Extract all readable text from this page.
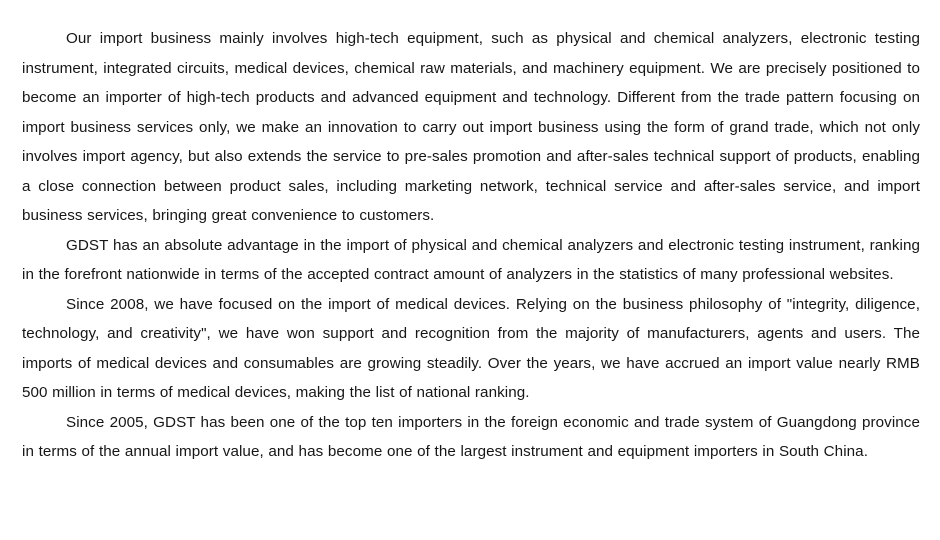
Our import business mainly involves high-tech equipment, such as physical and chemical analyzers, electronic testing instrument, integrated circuits, medical devices, chemical raw materials, and machinery equipment. We are precisely positioned to become an importer of high-tech products and advanced equipment and technology. Different from the trade pattern focusing on import business services only, we make an innovation to carry out import business using the form of grand trade, which not only involves import agency, but also extends the service to pre-sales promotion and after-sales technical support of products, enabling a close connection between product sales, including marketing network, technical service and after-sales service, and import business services, bringing great convenience to customers.

GDST has an absolute advantage in the import of physical and chemical analyzers and electronic testing instrument, ranking in the forefront nationwide in terms of the accepted contract amount of analyzers in the statistics of many professional websites.

Since 2008, we have focused on the import of medical devices. Relying on the business philosophy of "integrity, diligence, technology, and creativity", we have won support and recognition from the majority of manufacturers, agents and users. The imports of medical devices and consumables are growing steadily. Over the years, we have accrued an import value nearly RMB 500 million in terms of medical devices, making the list of national ranking.

Since 2005, GDST has been one of the top ten importers in the foreign economic and trade system of Guangdong province in terms of the annual import value, and has become one of the largest instrument and equipment importers in South China.
